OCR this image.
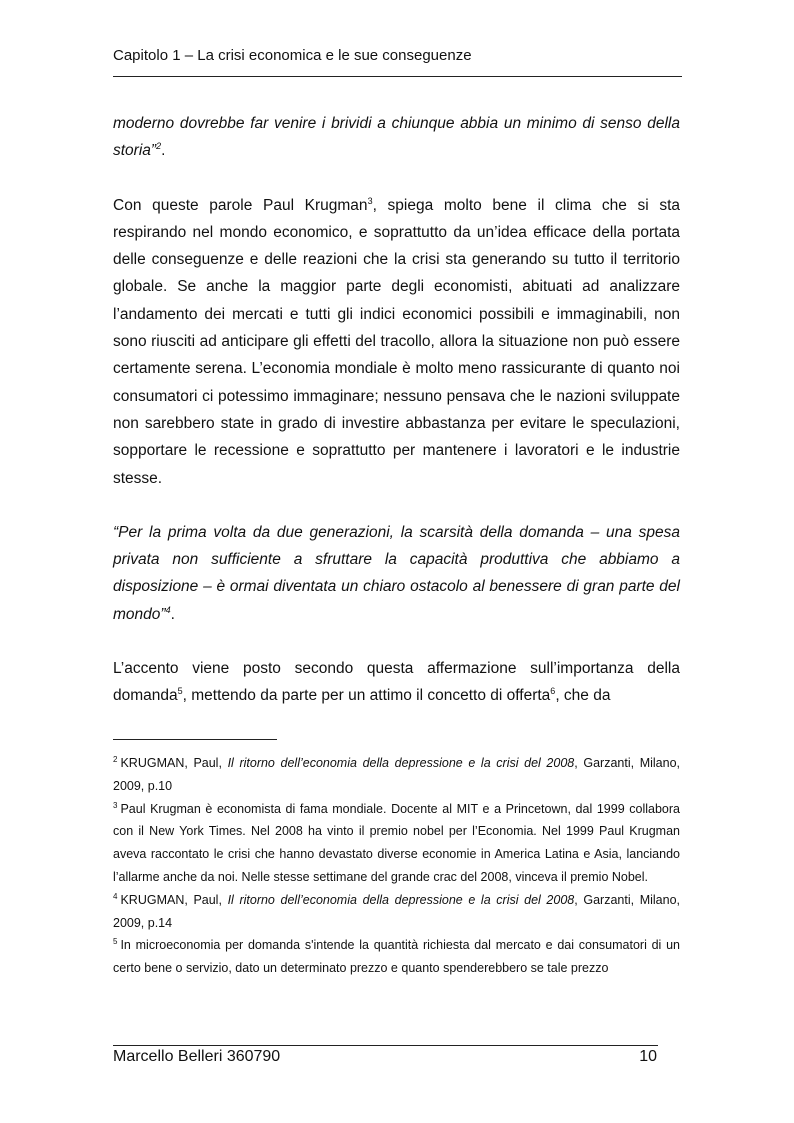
Capitolo 1 – La crisi economica e le sue conseguenze

moderno dovrebbe far venire i brividi a chiunque abbia un minimo di senso della storia”$^2$.

Con queste parole Paul Krugman$^3$, spiega molto bene il clima che si sta respirando nel mondo economico, e soprattutto da un’idea efficace della portata delle conseguenze e delle reazioni che la crisi sta generando su tutto il territorio globale. Se anche la maggior parte degli economisti, abituati ad analizzare l’andamento dei mercati e tutti gli indici economici possibili e immaginabili, non sono riusciti ad anticipare gli effetti del tracollo, allora la situazione non può essere certamente serena. L’economia mondiale è molto meno rassicurante di quanto noi consumatori ci potessimo immaginare; nessuno pensava che le nazioni sviluppate non sarebbero state in grado di investire abbastanza per evitare le speculazioni, sopportare le recessione e soprattutto per mantenere i lavoratori e le industrie stesse.

“Per la prima volta da due generazioni, la scarsità della domanda – una spesa privata non sufficiente a sfruttare la capacità produttiva che abbiamo a disposizione – è ormai diventata un chiaro ostacolo al benessere di gran parte del mondo”$^4$.

L’accento viene posto secondo questa affermazione sull’importanza della domanda$^5$, mettendo da parte per un attimo il concetto di offerta$^6$, che da

$^2$ KRUGMAN, Paul, Il ritorno dell’economia della depressione e la crisi del 2008, Garzanti, Milano, 2009, p.10

$^3$ Paul Krugman è economista di fama mondiale. Docente al MIT e a Princetown, dal 1999 collabora con il New York Times. Nel 2008 ha vinto il premio nobel per l’Economia. Nel 1999 Paul Krugman aveva raccontato le crisi che hanno devastato diverse economie in America Latina e Asia, lanciando l’allarme anche da noi. Nelle stesse settimane del grande crac del 2008, vinceva il premio Nobel.

$^4$ KRUGMAN, Paul, Il ritorno dell’economia della depressione e la crisi del 2008, Garzanti, Milano, 2009, p.14

$^5$ In microeconomia per domanda s'intende la quantità richiesta dal mercato e dai consumatori di un certo bene o servizio, dato un determinato prezzo e quanto spenderebbero se tale prezzo

Marcello Belleri 360790	10
